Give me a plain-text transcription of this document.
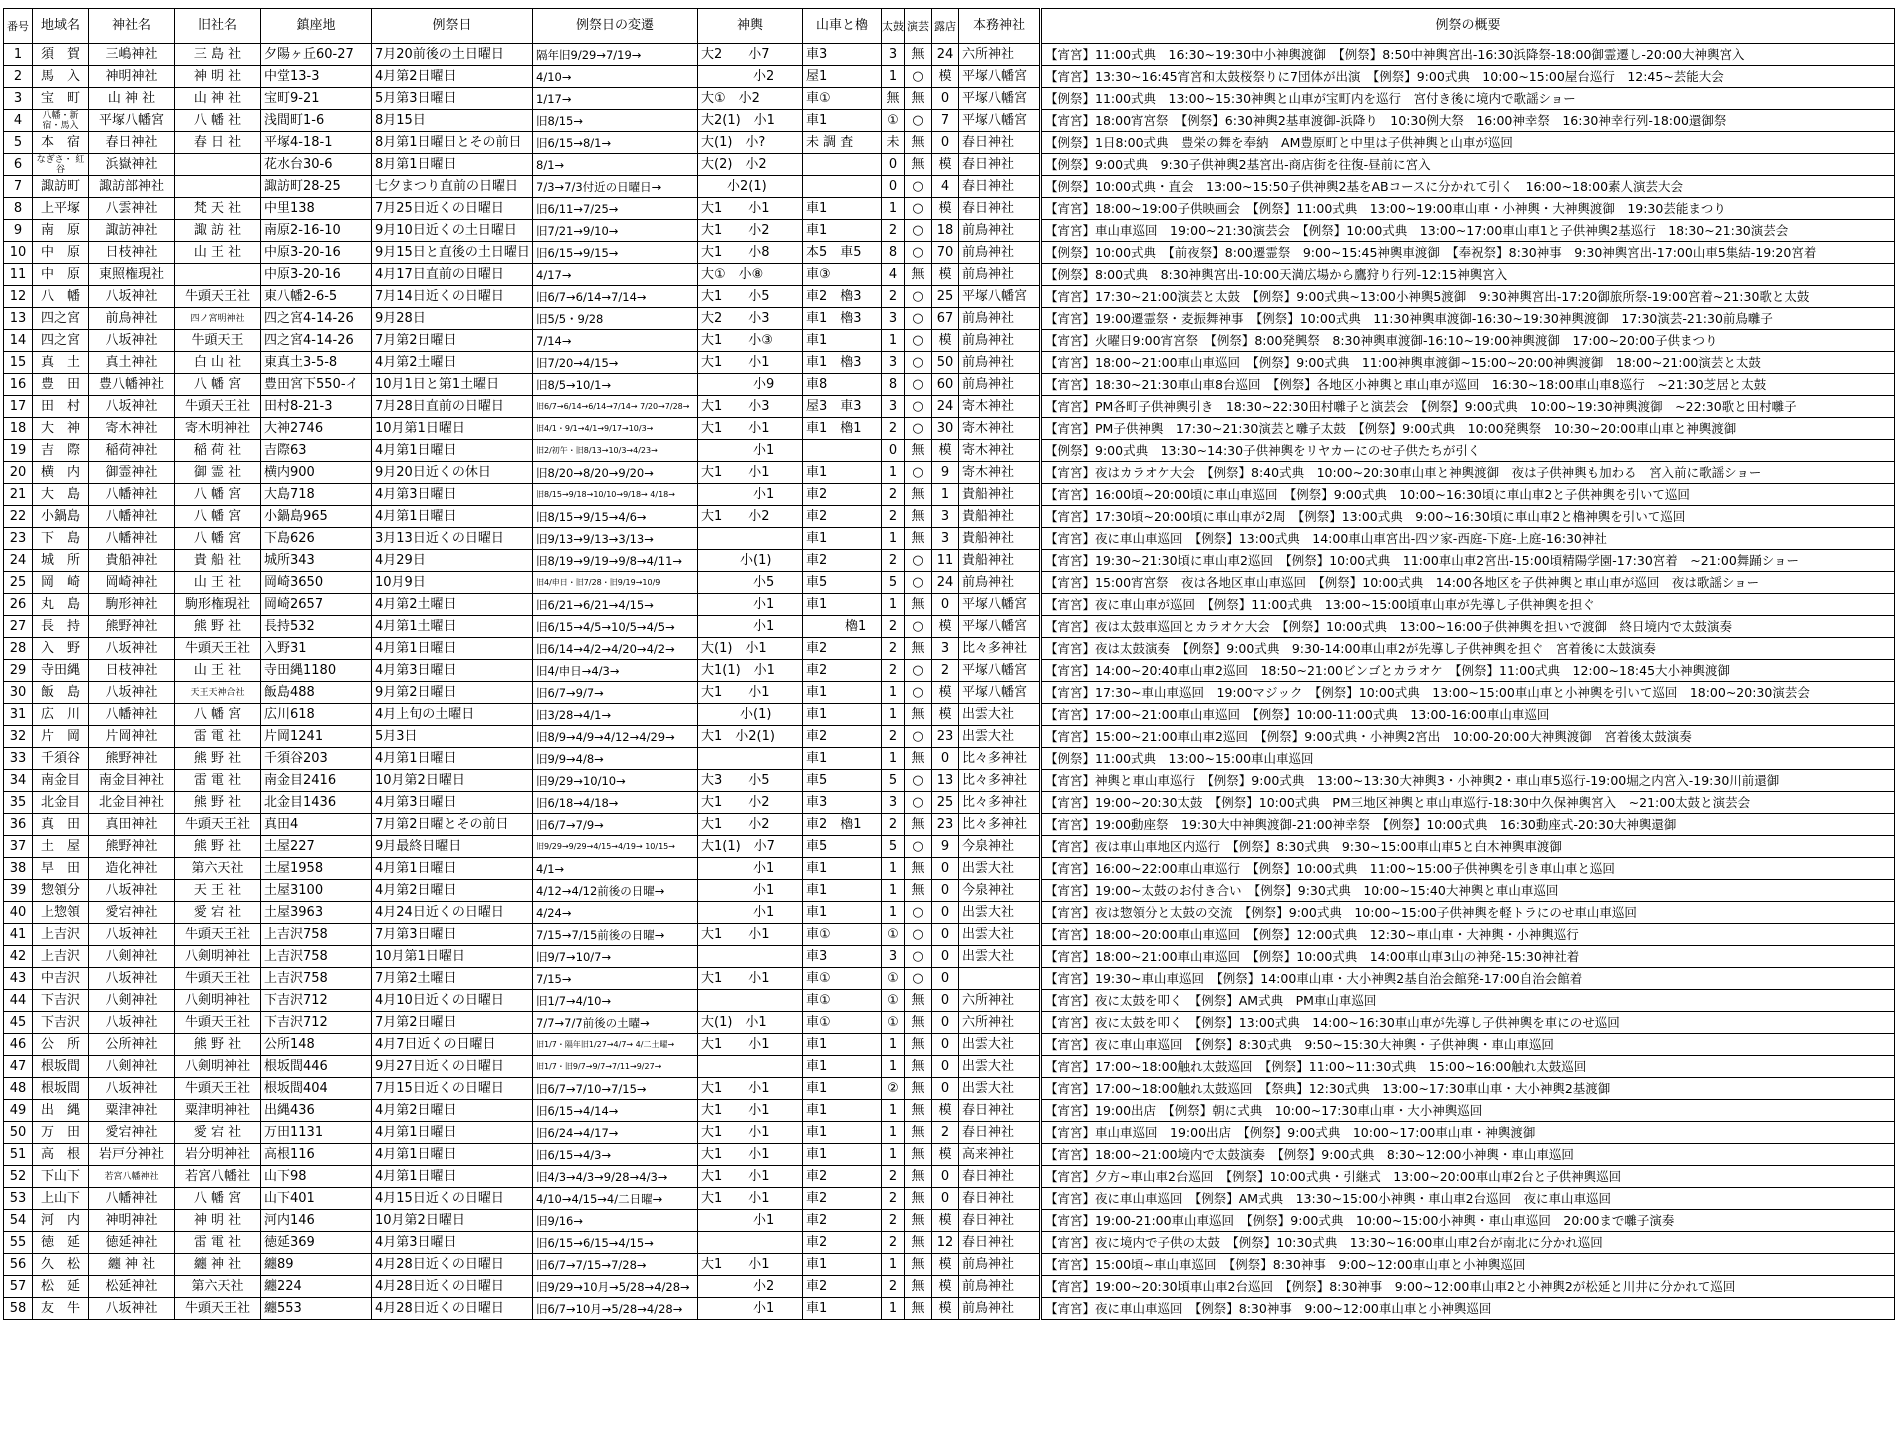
番号	地域名	神社名	旧社名	鎮座地	例祭日	例祭日の変遷	神輿	山車と櫓	太鼓	演芸	露店	本務神社	例祭の概要
1	須　賀	三嶋神社	三 島 社	夕陽ヶ丘60-27	7月20前後の土日曜日	隔年旧9/29→7/19→	大2　　小7	車3	3	無	24	六所神社	【宵宮】11:00式典　16:30~19:30中小神輿渡御　【例祭】8:50中神輿宮出-16:30浜降祭-18:00御霊遷し-20:00大神輿宮入
2	馬　入	神明神社	神 明 社	中堂13-3	4月第2日曜日	4/10→	　　　　小2	屋1	1	○	模	平塚八幡宮	【宵宮】13:30~16:45宵宮和太鼓桜祭りに7団体が出演　【例祭】9:00式典　10:00~15:00屋台巡行　12:45~芸能大会
3	宝　町	山 神 社	山 神 社	宝町9-21	5月第3日曜日	1/17→	大①　小2	車①	無	無	0	平塚八幡宮	【例祭】11:00式典　13:00~15:30神輿と山車が宝町内を巡行　宮付き後に境内で歌謡ショー
4	八幡・新宿・馬入	平塚八幡宮	八 幡 社	浅間町1-6	8月15日	旧8/15→	大2(1)　小1	車1	①	○	7	平塚八幡宮	【宵宮】18:00宵宮祭　【例祭】6:30神輿2基車渡御-浜降り　10:30例大祭　16:00神幸祭　16:30神幸行列-18:00還御祭
5	本　宿	春日神社	春 日 社	平塚4-18-1	8月第1日曜日とその前日	旧6/15→8/1→	大(1)　小?	未 調 査	未	無	0	春日神社	【例祭】1日8:00式典　豊栄の舞を奉納　AM豊原町と中里は子供神輿と山車が巡回
6	なぎさ・ 紅谷	浜嶽神社		花水台30-6	8月第1日曜日	8/1→	大(2)　小2		0	無	模	春日神社	【例祭】9:00式典　9:30子供神輿2基宮出-商店街を往復-昼前に宮入
7	諏訪町	諏訪部神社		諏訪町28-25	七夕まつり直前の日曜日	7/3→7/3付近の日曜日→	　　小2(1)		0	○	4	春日神社	【例祭】10:00式典・直会　13:00~15:50子供神輿2基をABコースに分かれて引く　16:00~18:00素人演芸大会
8	上平塚	八雲神社	梵 天 社	中里138	7月25日近くの日曜日	旧6/11→7/25→	大1　　小1	車1	1	○	模	春日神社	【宵宮】18:00~19:00子供映画会　【例祭】11:00式典　13:00~19:00車山車・小神輿・大神輿渡御　19:30芸能まつり
9	南　原	諏訪神社	諏 訪 社	南原2-16-10	9月10日近くの土日曜日	旧7/21→9/10→	大1　　小2	車1	2	○	18	前鳥神社	【宵宮】車山車巡回　19:00~21:30演芸会　【例祭】10:00式典　13:00~17:00車山車1と子供神輿2基巡行　18:30~21:30演芸会
10	中　原	日枝神社	山 王 社	中原3-20-16	9月15日と直後の土日曜日	旧6/15→9/15→	大1　　小8	本5　車5	8	○	70	前鳥神社	【例祭】10:00式典　【前夜祭】8:00遷霊祭　9:00~15:45神輿車渡御　【奉祝祭】8:30神事　9:30神輿宮出-17:00山車5集結-19:20宮着
11	中　原	東照権現社		中原3-20-16	4月17日直前の日曜日	4/17→	大①　小⑧	車③	4	無	模	前鳥神社	【例祭】8:00式典　8:30神輿宮出-10:00天満広場から鷹狩り行列-12:15神輿宮入
12	八　幡	八坂神社	牛頭天王社	東八幡2-6-5	7月14日近くの日曜日	旧6/7→6/14→7/14→	大1　　小5	車2　櫓3	2	○	25	平塚八幡宮	【宵宮】17:30~21:00演芸と太鼓　【例祭】9:00式典~13:00小神輿5渡御　9:30神輿宮出-17:20御旅所祭-19:00宮着~21:30歌と太鼓
13	四之宮	前鳥神社	四ノ宮明神社	四之宮4-14-26	9月28日	旧5/5・9/28	大2　　小3	車1　櫓3	3	○	67	前鳥神社	【宵宮】19:00遷霊祭・麦振舞神事　【例祭】10:00式典　11:30神輿車渡御-16:30~19:30神輿渡御　17:30演芸-21:30前鳥囃子
14	四之宮	八坂神社	牛頭天王	四之宮4-14-26	7月第2日曜日	7/14→	大1　　小③	車1	1	○	模	前鳥神社	【宵宮】火曜日9:00宵宮祭　【例祭】8:00発興祭　8:30神輿車渡御-16:10~19:00神輿渡御　17:00~20:00子供まつり
15	真　土	真土神社	白 山 社	東真土3-5-8	4月第2土曜日	旧7/20→4/15→	大1　　小1	車1　櫓3	3	○	50	前鳥神社	【宵宮】18:00~21:00車山車巡回　【例祭】9:00式典　11:00神輿車渡御~15:00~20:00神輿渡御　18:00~21:00演芸と太鼓
16	豊　田	豊八幡神社	八 幡 宮	豊田宮下550-イ	10月1日と第1土曜日	旧8/5→10/1→	　　　　小9	車8	8	○	60	前鳥神社	【宵宮】18:30~21:30車山車8台巡回　【例祭】各地区小神輿と車山車が巡回　16:30~18:00車山車8巡行　~21:30芝居と太鼓
17	田　村	八坂神社	牛頭天王社	田村8-21-3	7月28日直前の日曜日	旧6/7→6/14→6/14→7/14→ 7/20→7/28→	大1　　小3	屋3　車3	3	○	24	寄木神社	【宵宮】PM各町子供神輿引き　18:30~22:30田村囃子と演芸会　【例祭】9:00式典　10:00~19:30神輿渡御　~22:30歌と田村囃子
18	大　神	寄木神社	寄木明神社	大神2746	10月第1日曜日	旧4/1・9/1→4/1→9/17→10/3→	大1　　小1	車1　櫓1	2	○	30	寄木神社	【宵宮】PM子供神輿　17:30~21:30演芸と囃子太鼓　【例祭】9:00式典　10:00発輿祭　10:30~20:00車山車と神輿渡御
19	吉　際	稲荷神社	稲 荷 社	吉際63	4月第1日曜日	旧2/初午・旧8/13→10/3→4/23→	　　　　小1		0	無	模	寄木神社	【例祭】9:00式典　13:30~14:30子供神輿をリヤカーにのせ子供たちが引く
20	横　内	御霊神社	御 霊 社	横内900	9月20日近くの休日	旧8/20→8/20→9/20→	大1　　小1	車1	1	○	9	寄木神社	【宵宮】夜はカラオケ大会　【例祭】8:40式典　10:00~20:30車山車と神輿渡御　夜は子供神輿も加わる　宮入前に歌謡ショー
21	大　島	八幡神社	八 幡 宮	大島718	4月第3日曜日	旧8/15→9/18→10/10→9/18→ 4/18→	　　　　小1	車2	2	無	1	貴船神社	【宵宮】16:00頃~20:00頃に車山車巡回　【例祭】9:00式典　10:00~16:30頃に車山車2と子供神輿を引いて巡回
22	小鍋島	八幡神社	八 幡 宮	小鍋島965	4月第1日曜日	旧8/15→9/15→4/6→	大1　　小2	車2	2	無	3	貴船神社	【宵宮】17:30頃~20:00頃に車山車が2周　【例祭】13:00式典　9:00~16:30頃に車山車2と櫓神輿を引いて巡回
23	下　島	八幡神社	八 幡 宮	下島626	3月13日近くの日曜日	旧9/13→9/13→3/13→		車1	1	無	3	貴船神社	【宵宮】夜に車山車巡回　【例祭】13:00式典　14:00車山車宮出-四ツ家-西庭-下庭-上庭-16:30神社
24	城　所	貴船神社	貴 船 社	城所343	4月29日	旧8/19→9/19→9/8→4/11→	　　　小(1)	車2	2	○	11	貴船神社	【宵宮】19:30~21:30頃に車山車2巡回　【例祭】10:00式典　11:00車山車2宮出-15:00頃精陽学園-17:30宮着　~21:00舞踊ショー
25	岡　崎	岡崎神社	山 王 社	岡崎3650	10月9日	旧4/申日・旧7/28・旧9/19→10/9	　　　　小5	車5	5	○	24	前鳥神社	【宵宮】15:00宵宮祭　夜は各地区車山車巡回　【例祭】10:00式典　14:00各地区を子供神輿と車山車が巡回　夜は歌謡ショー
26	丸　島	駒形神社	駒形権現社	岡崎2657	4月第2土曜日	旧6/21→6/21→4/15→	　　　　小1	車1	1	無	0	平塚八幡宮	【宵宮】夜に車山車が巡回　【例祭】11:00式典　13:00~15:00頃車山車が先導し子供神輿を担ぐ
27	長　持	熊野神社	熊 野 社	長持532	4月第1土曜日	旧6/15→4/5→10/5→4/5→	　　　　小1	　　　櫓1	2	○	模	平塚八幡宮	【宵宮】夜は太鼓車巡回とカラオケ大会　【例祭】10:00式典　13:00~16:00子供神輿を担いで渡御　終日境内で太鼓演奏
28	入　野	八坂神社	牛頭天王社	入野31	4月第1日曜日	旧6/14→4/2→4/20→4/2→	大(1)　小1	車2	2	無	3	比々多神社	【宵宮】夜は太鼓演奏　【例祭】9:00式典　9:30-14:00車山車2が先導し子供神輿を担ぐ　宮着後に太鼓演奏
29	寺田縄	日枝神社	山 王 社	寺田縄1180	4月第3日曜日	旧4/申日→4/3→	大1(1)　小1	車2	2	○	2	平塚八幡宮	【宵宮】14:00~20:40車山車2巡回　18:50~21:00ビンゴとカラオケ　【例祭】11:00式典　12:00~18:45大小神輿渡御
30	飯　島	八坂神社	天王天神合社	飯島488	9月第2日曜日	旧6/7→9/7→	大1　　小1	車1	1	○	模	平塚八幡宮	【宵宮】17:30~車山車巡回　19:00マジック　【例祭】10:00式典　13:00~15:00車山車と小神輿を引いて巡回　18:00~20:30演芸会
31	広　川	八幡神社	八 幡 宮	広川618	4月上旬の土曜日	旧3/28→4/1→	　　　小(1)	車1	1	無	模	出雲大社	【宵宮】17:00~21:00車山車巡回　【例祭】10:00-11:00式典　13:00-16:00車山車巡回
32	片　岡	片岡神社	雷 電 社	片岡1241	5月3日	旧8/9→4/9→4/12→4/29→	大1　小2(1)	車2	2	○	23	出雲大社	【宵宮】15:00~21:00車山車2巡回　【例祭】9:00式典・小神輿2宮出　10:00-20:00大神輿渡御　宮着後太鼓演奏
33	千須谷	熊野神社	熊 野 社	千須谷203	4月第1日曜日	旧9/9→4/8→		車1	1	無	0	比々多神社	【例祭】11:00式典　13:00~15:00車山車巡回
34	南金目	南金目神社	雷 電 社	南金目2416	10月第2日曜日	旧9/29→10/10→	大3　　小5	車5	5	○	13	比々多神社	【宵宮】神輿と車山車巡行　【例祭】9:00式典　13:00~13:30大神輿3・小神輿2・車山車5巡行-19:00堀之内宮入-19:30川前還御
35	北金目	北金目神社	熊 野 社	北金目1436	4月第3日曜日	旧6/18→4/18→	大1　　小2	車3	3	○	25	比々多神社	【宵宮】19:00~20:30太鼓　【例祭】10:00式典　PM三地区神輿と車山車巡行-18:30中久保神輿宮入　~21:00太鼓と演芸会
36	真　田	真田神社	牛頭天王社	真田4	7月第2日曜とその前日	旧6/7→7/9→	大1　　小2	車2　櫓1	2	無	23	比々多神社	【宵宮】19:00動座祭　19:30大中神輿渡御-21:00神幸祭　【例祭】10:00式典　16:30動座式-20:30大神輿還御
37	土　屋	熊野神社	熊 野 社	土屋227	9月最終日曜日	旧9/29→9/29→4/15→4/19→ 10/15→	大1(1)　小7	車5	5	○	9	今泉神社	【宵宮】夜は車山車地区内巡行　【例祭】8:30式典　9:30~15:00車山車5と白木神輿車渡御
38	早　田	造化神社	第六天社	土屋1958	4月第1日曜日	4/1→	　　　　小1	車1	1	無	0	出雲大社	【宵宮】16:00~22:00車山車巡行　【例祭】10:00式典　11:00~15:00子供神輿を引き車山車と巡回
39	惣領分	八坂神社	天 王 社	土屋3100	4月第2日曜日	4/12→4/12前後の日曜→	　　　　小1	車1	1	無	0	今泉神社	【宵宮】19:00~太鼓のお付き合い　【例祭】9:30式典　10:00~15:40大神輿と車山車巡回
40	上惣領	愛宕神社	愛 宕 社	土屋3963	4月24日近くの日曜日	4/24→	　　　　小1	車1	1	○	0	出雲大社	【宵宮】夜は惣領分と太鼓の交流　【例祭】9:00式典　10:00~15:00子供神輿を軽トラにのせ車山車巡回
41	上吉沢	八坂神社	牛頭天王社	上吉沢758	7月第3日曜日	7/15→7/15前後の日曜→	大1　　小1	車①	①	○	0	出雲大社	【宵宮】18:00~20:00車山車巡回　【例祭】12:00式典　12:30~車山車・大神輿・小神輿巡行
42	上吉沢	八剣神社	八剣明神社	上吉沢758	10月第1日曜日	旧9/7→10/7→		車3	3	○	0	出雲大社	【宵宮】18:00~21:00車山車巡回　【例祭】10:00式典　14:00車山車3山の神発-15:30神社着
43	中吉沢	八坂神社	牛頭天王社	上吉沢758	7月第2土曜日	7/15→	大1　　小1	車①	①	○	0		【宵宮】19:30~車山車巡回　【例祭】14:00車山車・大小神輿2基自治会館発-17:00自治会館着
44	下吉沢	八剣神社	八剣明神社	下吉沢712	4月10日近くの日曜日	旧1/7→4/10→		車①	①	無	0	六所神社	【宵宮】夜に太鼓を叩く　【例祭】AM式典　PM車山車巡回
45	下吉沢	八坂神社	牛頭天王社	下吉沢712	7月第2日曜日	7/7→7/7前後の土曜→	大(1)　小1	車①	①	無	0	六所神社	【宵宮】夜に太鼓を叩く　【例祭】13:00式典　14:00~16:30車山車が先導し子供神輿を車にのせ巡回
46	公　所	公所神社	熊 野 社	公所148	4月7日近くの日曜日	旧1/7・隔年旧1/27→4/7→ 4/二土曜→	大1　　小1	車1	1	無	0	出雲大社	【宵宮】夜に車山車巡回　【例祭】8:30式典　9:50~15:30大神輿・子供神輿・車山車巡回
47	根坂間	八剣神社	八剣明神社	根坂間446	9月27日近くの日曜日	旧1/7・旧9/7→9/7→7/11→9/27→		車1	1	無	0	出雲大社	【宵宮】17:00~18:00触れ太鼓巡回　【例祭】11:00~11:30式典　15:00~16:00触れ太鼓巡回
48	根坂間	八坂神社	牛頭天王社	根坂間404	7月15日近くの日曜日	旧6/7→7/10→7/15→	大1　　小1	車1	②	無	0	出雲大社	【宵宮】17:00~18:00触れ太鼓巡回　【祭典】12:30式典　13:00~17:30車山車・大小神輿2基渡御
49	出　縄	粟津神社	粟津明神社	出縄436	4月第2日曜日	旧6/15→4/14→	大1　　小1	車1	1	無	模	春日神社	【宵宮】19:00出店　【例祭】朝に式典　10:00~17:30車山車・大小神輿巡回
50	万　田	愛宕神社	愛 宕 社	万田1131	4月第1日曜日	旧6/24→4/17→	大1　　小1	車1	1	無	2	春日神社	【宵宮】車山車巡回　19:00出店　【例祭】9:00式典　10:00~17:00車山車・神輿渡御
51	高　根	岩戸分神社	岩分明神社	高根116	4月第1日曜日	旧6/15→4/3→	大1　　小1	車1	1	無	模	高来神社	【宵宮】18:00~21:00境内で太鼓演奏　【例祭】9:00式典　8:30~12:00小神輿・車山車巡回
52	下山下	若宮八幡神社	若宮八幡社	山下98	4月第1日曜日	旧4/3→4/3→9/28→4/3→	大1　　小1	車2	2	無	0	春日神社	【宵宮】夕方~車山車2台巡回　【例祭】10:00式典・引継式　13:00~20:00車山車2台と子供神輿巡回
53	上山下	八幡神社	八 幡 宮	山下401	4月15日近くの日曜日	4/10→4/15→4/二日曜→	大1　　小1	車2	2	無	0	春日神社	【宵宮】夜に車山車巡回　【例祭】AM式典　13:30~15:00小神輿・車山車2台巡回　夜に車山車巡回
54	河　内	神明神社	神 明 社	河内146	10月第2日曜日	旧9/16→	　　　　小1	車2	2	無	模	春日神社	【宵宮】19:00-21:00車山車巡回　【例祭】9:00式典　10:00~15:00小神輿・車山車巡回　20:00まで囃子演奏
55	徳　延	徳延神社	雷 電 社	徳延369	4月第3日曜日	旧6/15→6/15→4/15→		車2	2	無	12	春日神社	【宵宮】夜に境内で子供の太鼓　【例祭】10:30式典　13:30~16:00車山車2台が南北に分かれ巡回
56	久　松	纏 神 社	纏 神 社	纏89	4月28日近くの日曜日	旧6/7→7/15→7/28→	大1　　小1	車1	1	無	模	前鳥神社	【宵宮】15:00頃~車山車巡回　【例祭】8:30神事　9:00~12:00車山車と小神輿巡回
57	松　延	松延神社	第六天社	纏224	4月28日近くの日曜日	旧9/29→10月→5/28→4/28→	　　　　小2	車2	2	無	模	前鳥神社	【宵宮】19:00~20:30頃車山車2台巡回　【例祭】8:30神事　9:00~12:00車山車2と小神輿2が松延と川井に分かれて巡回
58	友　牛	八坂神社	牛頭天王社	纏553	4月28日近くの日曜日	旧6/7→10月→5/28→4/28→	　　　　小1	車1	1	無	模	前鳥神社	【宵宮】夜に車山車巡回　【例祭】8:30神事　9:00~12:00車山車と小神輿巡回
